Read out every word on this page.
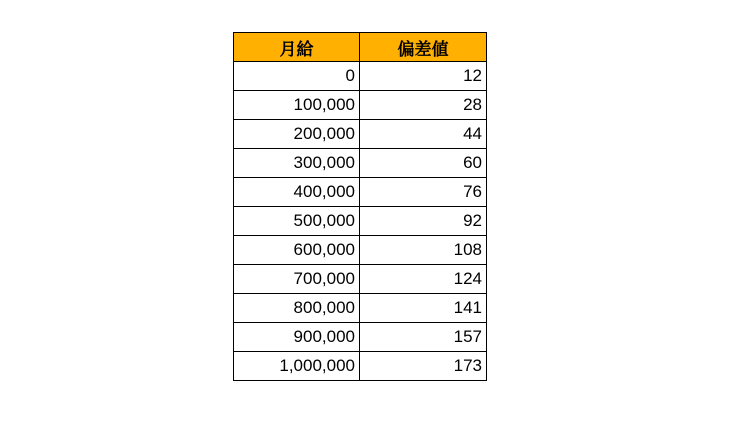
月給	偏差値
0	12
100,000	28
200,000	44
300,000	60
400,000	76
500,000	92
600,000	108
700,000	124
800,000	141
900,000	157
1,000,000	173
